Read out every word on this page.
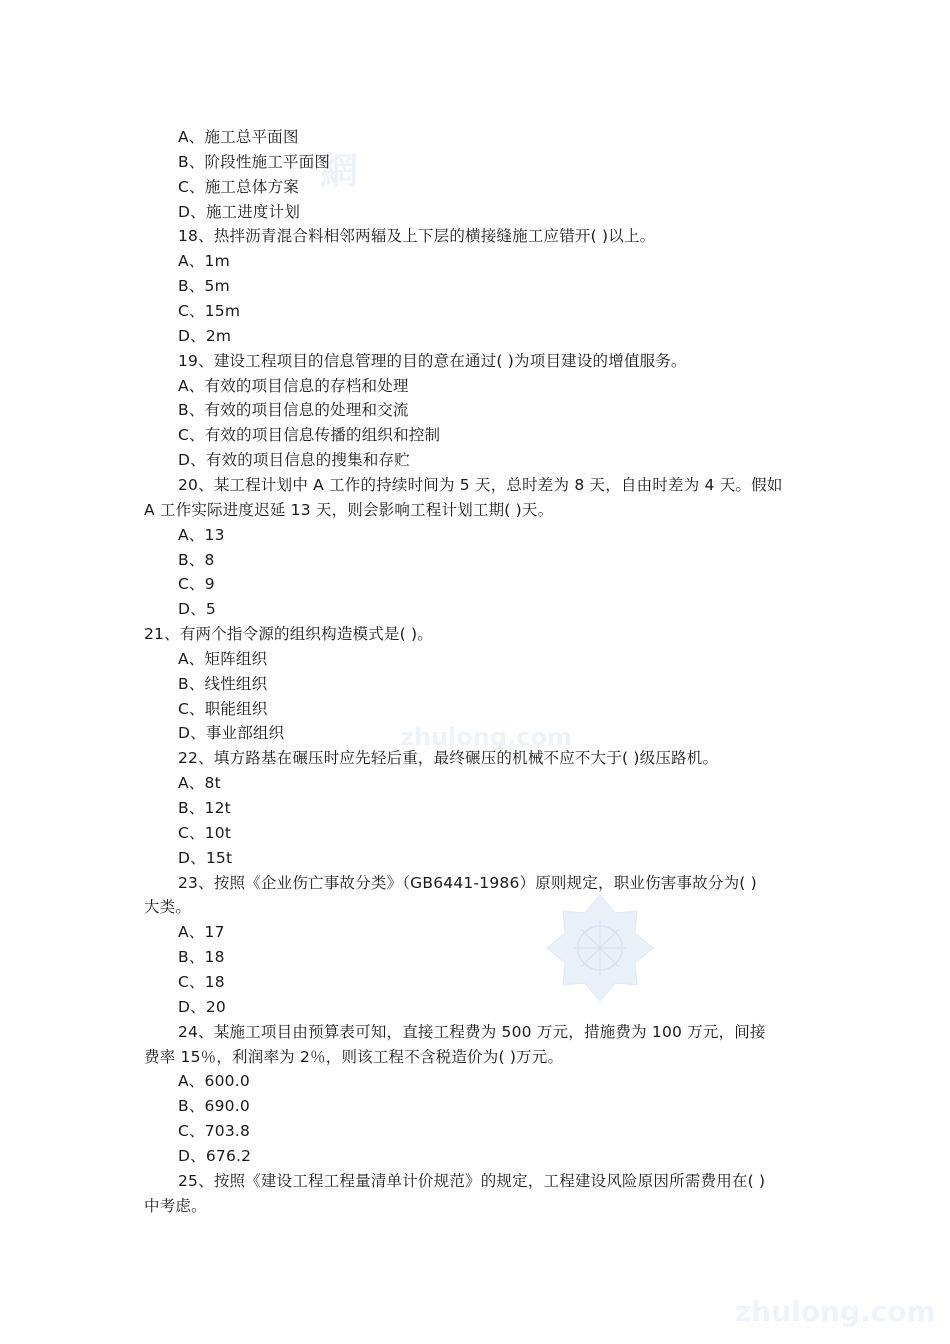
網
zhulong.com
zhulong.com
A、施工总平面图
B、阶段性施工平面图
C、施工总体方案
D、施工进度计划
18、热拌沥青混合料相邻两辐及上下层的横接缝施工应错开( )以上。
A、1m
B、5m
C、15m
D、2m
19、建设工程项目的信息管理的目的意在通过( )为项目建设的增值服务。
A、有效的项目信息的存档和处理
B、有效的项目信息的处理和交流
C、有效的项目信息传播的组织和控制
D、有效的项目信息的搜集和存贮
20、某工程计划中 A 工作的持续时间为 5 天，总时差为 8 天，自由时差为 4 天。假如
A 工作实际进度迟延 13 天，则会影响工程计划工期( )天。
A、13
B、8
C、9
D、5
21、有两个指令源的组织构造模式是( )。
A、矩阵组织
B、线性组织
C、职能组织
D、事业部组织
22、填方路基在碾压时应先轻后重，最终碾压的机械不应不大于( )级压路机。
A、8t
B、12t
C、10t
D、15t
23、按照《企业伤亡事故分类》（GB6441-1986）原则规定，职业伤害事故分为( )
大类。
A、17
B、18
C、18
D、20
24、某施工项目由预算表可知，直接工程费为 500 万元，措施费为 100 万元，间接
费率 15％，利润率为 2％，则该工程不含税造价为( )万元。
A、600.0
B、690.0
C、703.8
D、676.2
25、按照《建设工程工程量清单计价规范》的规定，工程建设风险原因所需费用在( )
中考虑。
